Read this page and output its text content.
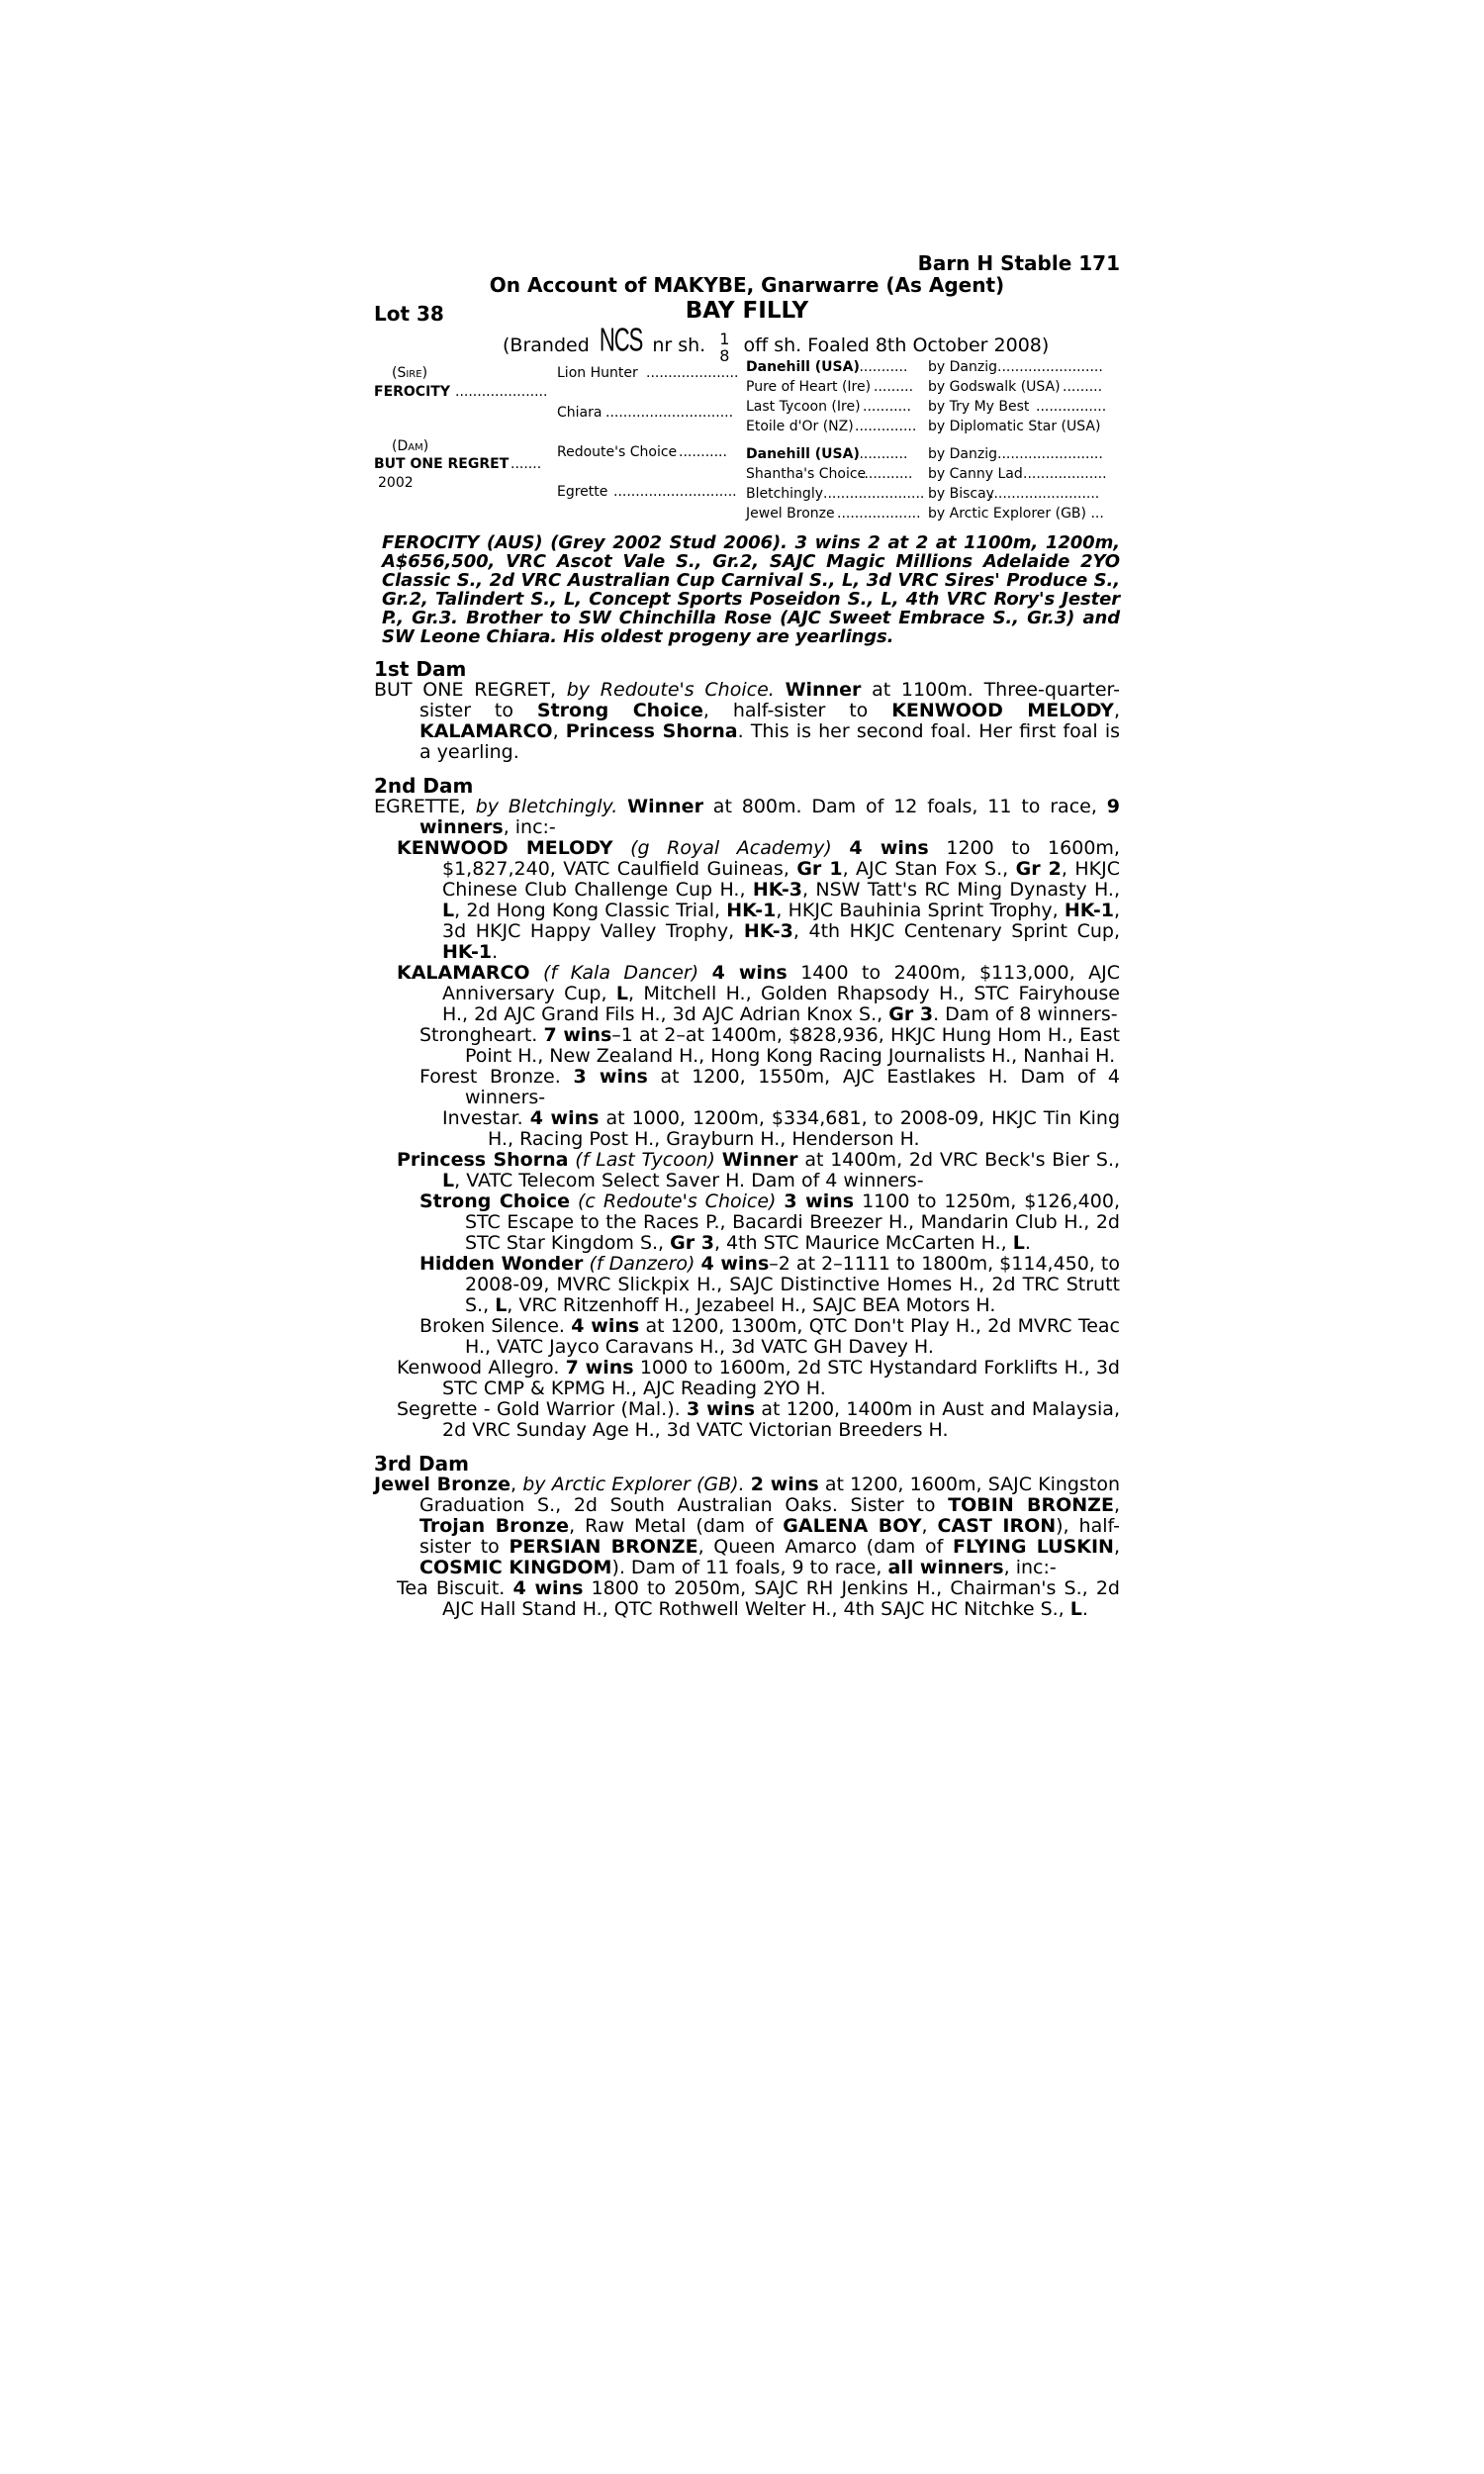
Barn H Stable 171
On Account of MAKYBE, Gnarwarre (As Agent)
Lot 38	BAY FILLY
(Branded NCS nr sh. 1
8 off sh. Foaled 8th October 2008)
(Sire)
FEROCITY .....................
(Dam)
BUT ONE REGRET .......
2002
Lion Hunter .....................
Chiara .............................
Redoute's Choice ...........
Egrette ............................
Danehill (USA)
............
Pure of Heart (Ire) .........
Last Tycoon (Ire) ...........
Etoile d'Or (NZ) ..............
Danehill (USA)
............
Shantha's Choice
............
Bletchingly .......................
Jewel Bronze ...................
by Danzig ........................
by Godswalk (USA) .........
by Try My Best ................
by Diplomatic Star (USA)
by Danzig ........................
by Canny Lad ...................
by Biscay
.........................
by Arctic Explorer (GB) ...
FEROCITY (AUS) (Grey 2002 Stud 2006). 3 wins 2 at 2 at 1100m, 1200m, A$656,500, VRC Ascot Vale S., Gr.2, SAJC Magic Millions Adelaide 2YO Classic S., 2d VRC Australian Cup Carnival S., L, 3d VRC Sires' Produce S., Gr.2, Talindert S., L, Concept Sports Poseidon S., L, 4th VRC Rory's Jester P., Gr.3. Brother to SW Chinchilla Rose (AJC Sweet Embrace S., Gr.3) and SW Leone Chiara. His oldest progeny are yearlings.
1st Dam
BUT ONE REGRET, by Redoute's Choice. Winner at 1100m. Three-quarter-sister to Strong Choice, half-sister to KENWOOD MELODY, KALAMARCO, Princess Shorna. This is her second foal. Her first foal is a yearling.
2nd Dam
EGRETTE, by Bletchingly. Winner at 800m. Dam of 12 foals, 11 to race, 9 winners, inc:-
KENWOOD MELODY (g Royal Academy) 4 wins 1200 to 1600m, $1,827,240, VATC Caulfield Guineas, Gr 1, AJC Stan Fox S., Gr 2, HKJC Chinese Club Challenge Cup H., HK-3, NSW Tatt's RC Ming Dynasty H., L, 2d Hong Kong Classic Trial, HK-1, HKJC Bauhinia Sprint Trophy, HK-1, 3d HKJC Happy Valley Trophy, HK-3, 4th HKJC Centenary Sprint Cup, HK-1.
KALAMARCO (f Kala Dancer) 4 wins 1400 to 2400m, $113,000, AJC Anniversary Cup, L, Mitchell H., Golden Rhapsody H., STC Fairyhouse H., 2d AJC Grand Fils H., 3d AJC Adrian Knox S., Gr 3. Dam of 8 winners-
Strongheart. 7 wins–1 at 2–at 1400m, $828,936, HKJC Hung Hom H., East Point H., New Zealand H., Hong Kong Racing Journalists H., Nanhai H.
Forest Bronze. 3 wins at 1200, 1550m, AJC Eastlakes H. Dam of 4 winners-
Investar. 4 wins at 1000, 1200m, $334,681, to 2008-09, HKJC Tin King H., Racing Post H., Grayburn H., Henderson H.
Princess Shorna (f Last Tycoon) Winner at 1400m, 2d VRC Beck's Bier S., L, VATC Telecom Select Saver H. Dam of 4 winners-
Strong Choice (c Redoute's Choice) 3 wins 1100 to 1250m, $126,400, STC Escape to the Races P., Bacardi Breezer H., Mandarin Club H., 2d STC Star Kingdom S., Gr 3, 4th STC Maurice McCarten H., L.
Hidden Wonder (f Danzero) 4 wins–2 at 2–1111 to 1800m, $114,450, to 2008-09, MVRC Slickpix H., SAJC Distinctive Homes H., 2d TRC Strutt S., L, VRC Ritzenhoff H., Jezabeel H., SAJC BEA Motors H.
Broken Silence. 4 wins at 1200, 1300m, QTC Don't Play H., 2d MVRC Teac H., VATC Jayco Caravans H., 3d VATC GH Davey H.
Kenwood Allegro. 7 wins 1000 to 1600m, 2d STC Hystandard Forklifts H., 3d STC CMP & KPMG H., AJC Reading 2YO H.
Segrette - Gold Warrior (Mal.). 3 wins at 1200, 1400m in Aust and Malaysia, 2d VRC Sunday Age H., 3d VATC Victorian Breeders H.
3rd Dam
Jewel Bronze, by Arctic Explorer (GB). 2 wins at 1200, 1600m, SAJC Kingston Graduation S., 2d South Australian Oaks. Sister to TOBIN BRONZE, Trojan Bronze, Raw Metal (dam of GALENA BOY, CAST IRON), half-sister to PERSIAN BRONZE, Queen Amarco (dam of FLYING LUSKIN, COSMIC KINGDOM). Dam of 11 foals, 9 to race, all winners, inc:-
Tea Biscuit. 4 wins 1800 to 2050m, SAJC RH Jenkins H., Chairman's S., 2d AJC Hall Stand H., QTC Rothwell Welter H., 4th SAJC HC Nitchke S., L.
